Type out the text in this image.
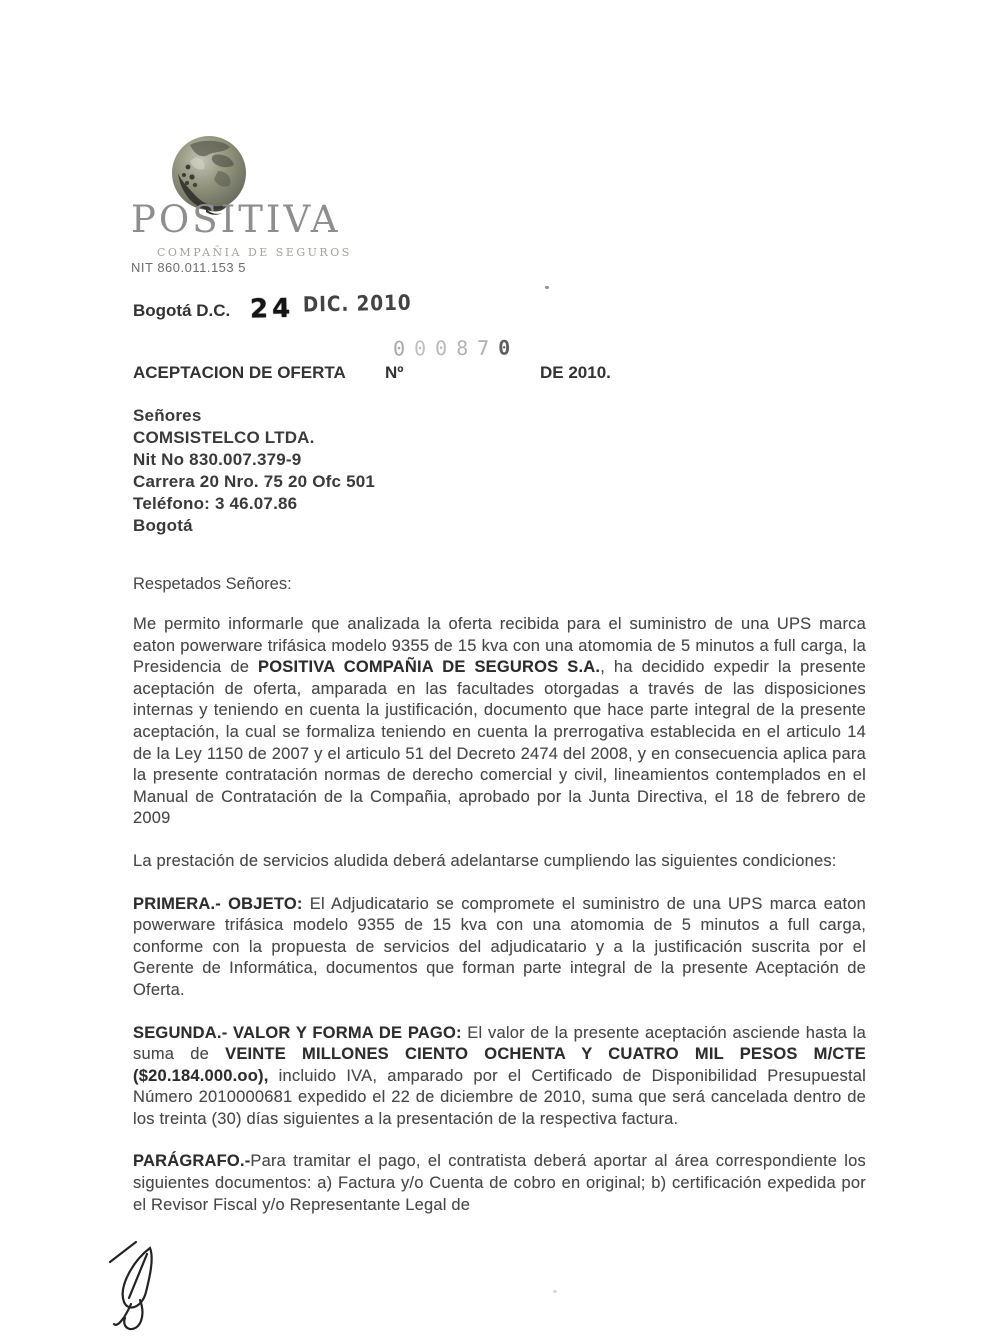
POSITIVA
COMPAÑIA DE SEGUROS
NIT 860.011.153 5
Bogotá D.C. 24 DIC. 2010
000870
ACEPTACION DE OFERTA Nº	DE 2010.
Señores
COMSISTELCO LTDA.
Nit No 830.007.379-9
Carrera 20 Nro. 75 20 Ofc 501
Teléfono: 3 46.07.86
Bogotá
Respetados Señores:

Me permito informarle que analizada la oferta recibida para el suministro de una UPS marca eaton powerware trifásica modelo 9355 de 15 kva con una atomomia de 5 minutos a full carga, la Presidencia de POSITIVA COMPAÑIA DE SEGUROS S.A., ha decidido expedir la presente aceptación de oferta, amparada en las facultades otorgadas a través de las disposiciones internas y teniendo en cuenta la justificación, documento que hace parte integral de la presente aceptación, la cual se formaliza teniendo en cuenta la prerrogativa establecida en el articulo 14 de la Ley 1150 de 2007 y el articulo 51 del Decreto 2474 del 2008, y en consecuencia aplica para la presente contratación normas de derecho comercial y civil, lineamientos contemplados en el Manual de Contratación de la Compañia, aprobado por la Junta Directiva, el 18 de febrero de 2009

La prestación de servicios aludida deberá adelantarse cumpliendo las siguientes condiciones:

PRIMERA.- OBJETO: El Adjudicatario se compromete el suministro de una UPS marca eaton powerware trifásica modelo 9355 de 15 kva con una atomomia de 5 minutos a full carga, conforme con la propuesta de servicios del adjudicatario y a la justificación suscrita por el Gerente de Informática, documentos que forman parte integral de la presente Aceptación de Oferta.

SEGUNDA.- VALOR Y FORMA DE PAGO: El valor de la presente aceptación asciende hasta la suma de VEINTE MILLONES CIENTO OCHENTA Y CUATRO MIL PESOS M/CTE ($20.184.000.oo), incluido IVA, amparado por el Certificado de Disponibilidad Presupuestal Número 2010000681 expedido el 22 de diciembre de 2010, suma que será cancelada dentro de los treinta (30) días siguientes a la presentación de la respectiva factura.

PARÁGRAFO.-Para tramitar el pago, el contratista deberá aportar al área correspondiente los siguientes documentos: a) Factura y/o Cuenta de cobro en original; b) certificación expedida por el Revisor Fiscal y/o Representante Legal de
